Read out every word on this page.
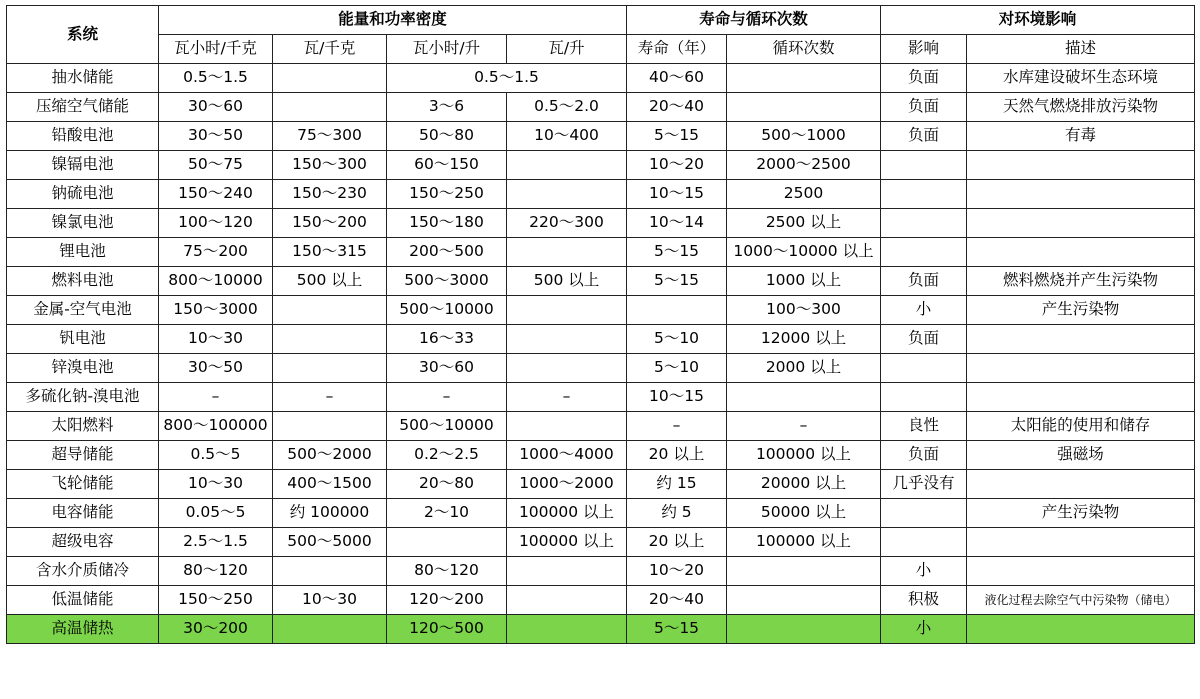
系统	能量和功率密度				寿命与循环次数		对环境影响	
	瓦小时/千克	瓦/千克	瓦小时/升	瓦/升	寿命（年）	循环次数	影响	描述
抽水储能	0.5～1.5		0.5～1.5		40～60		负面	水库建设破坏生态环境
压缩空气储能	30～60		3～6	0.5～2.0	20～40		负面	天然气燃烧排放污染物
铅酸电池	30～50	75～300	50～80	10～400	5～15	500～1000	负面	有毒
镍镉电池	50～75	150～300	60～150		10～20	2000～2500		
钠硫电池	150～240	150～230	150～250		10～15	2500		
镍氯电池	100～120	150～200	150～180	220～300	10～14	2500 以上		
锂电池	75～200	150～315	200～500		5～15	1000～10000 以上		
燃料电池	800～10000	500 以上	500～3000	500 以上	5～15	1000 以上	负面	燃料燃烧并产生污染物
金属-空气电池	150～3000		500～10000			100～300	小	产生污染物
钒电池	10～30		16～33		5～10	12000 以上	负面	
锌溴电池	30～50		30～60		5～10	2000 以上		
多硫化钠-溴电池	–	–	–	–	10～15			
太阳燃料	800～100000		500～10000		–	–	良性	太阳能的使用和储存
超导储能	0.5～5	500～2000	0.2～2.5	1000～4000	20 以上	100000 以上	负面	强磁场
飞轮储能	10～30	400～1500	20～80	1000～2000	约 15	20000 以上	几乎没有	
电容储能	0.05～5	约 100000	2～10	100000 以上	约 5	50000 以上		产生污染物
超级电容	2.5～1.5	500～5000		100000 以上	20 以上	100000 以上		
含水介质储冷	80～120		80～120		10～20		小	
低温储能	150～250	10～30	120～200		20～40		积极	液化过程去除空气中污染物（储电）
高温储热	30～200		120～500		5～15		小	
